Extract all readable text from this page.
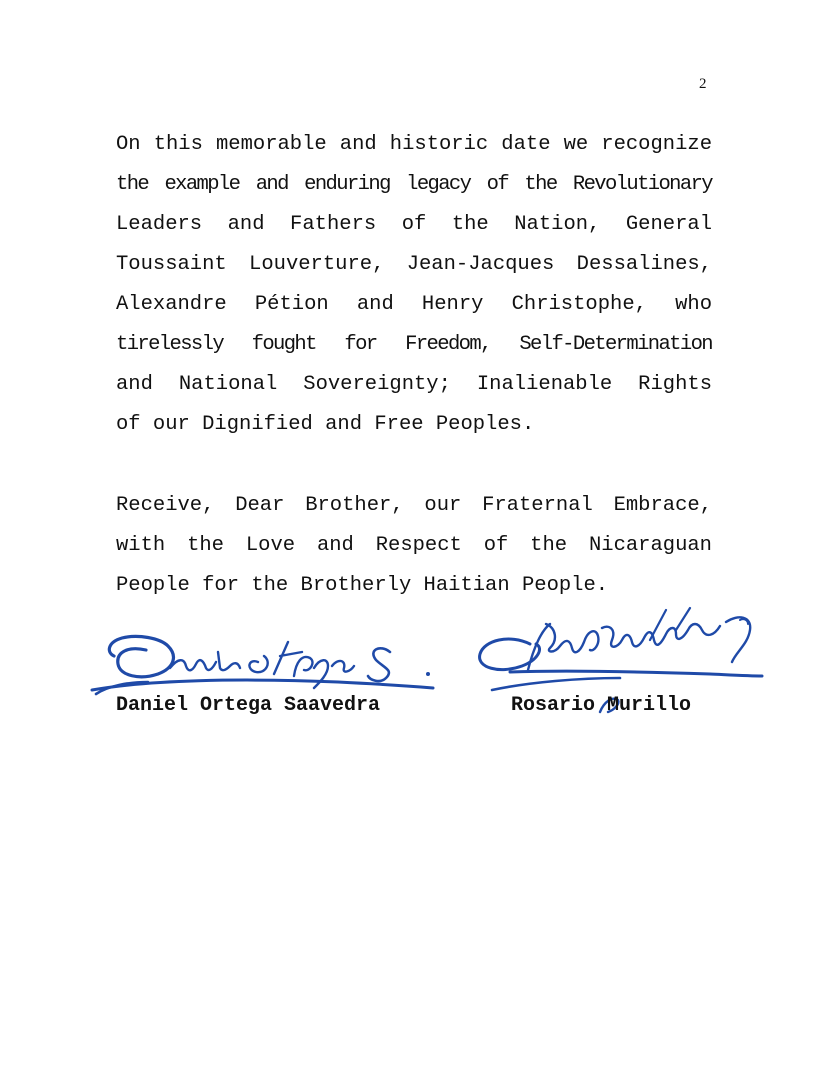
2
On this memorable and historic date we recognize
the example and enduring legacy of the Revolutionary
Leaders and Fathers of the Nation, General
Toussaint Louverture, Jean-Jacques Dessalines,
Alexandre Pétion and Henry Christophe, who
tirelessly fought for Freedom, Self-Determination
and National Sovereignty; Inalienable Rights
of our Dignified and Free Peoples.
Receive, Dear Brother, our Fraternal Embrace,
with the Love and Respect of the Nicaraguan
People for the Brotherly Haitian People.
Daniel Ortega Saavedra	Rosario Murillo
